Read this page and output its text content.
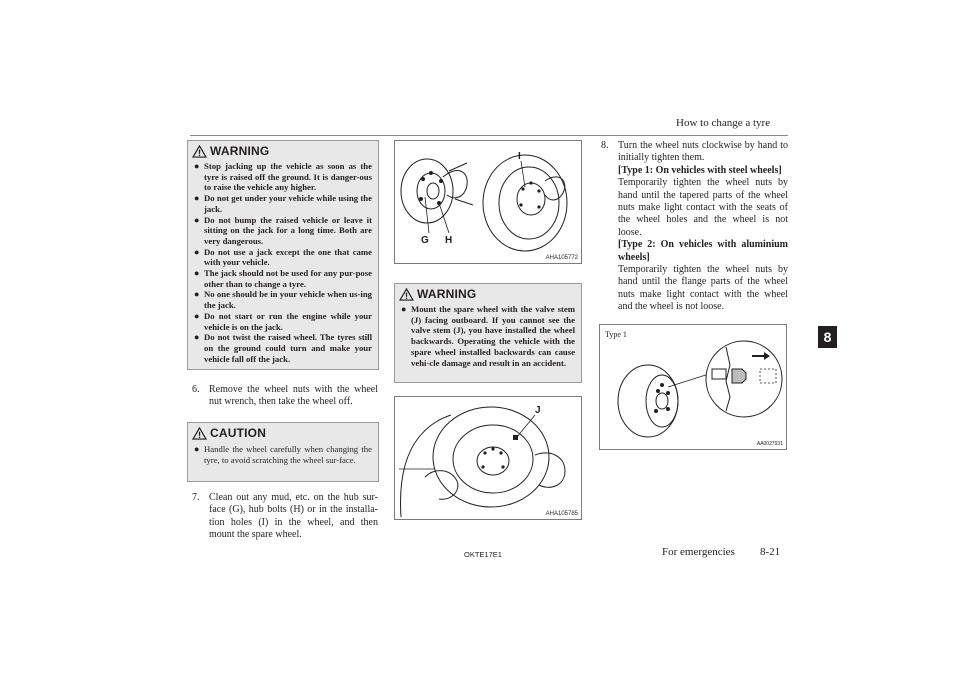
How to change a tyre
8
WARNING
● Stop jacking up the vehicle as soon as the tyre is raised off the ground. It is danger-ous to raise the vehicle any higher.
● Do not get under your vehicle while using the jack.
● Do not bump the raised vehicle or leave it sitting on the jack for a long time. Both are very dangerous.
● Do not use a jack except the one that came with your vehicle.
● The jack should not be used for any pur-pose other than to change a tyre.
● No one should be in your vehicle when us-ing the jack.
● Do not start or run the engine while your vehicle is on the jack.
● Do not twist the raised wheel. The tyres still on the ground could turn and make your vehicle fall off the jack.
6. Remove the wheel nuts with the wheel nut wrench, then take the wheel off.
CAUTION
● Handle the wheel carefully when changing the tyre, to avoid scratching the wheel sur-face.
7. Clean out any mud, etc. on the hub sur-face (G), hub bolts (H) or in the installa-tion holes (I) in the wheel, and then mount the spare wheel.
G H
I
AHA105772
WARNING
● Mount the spare wheel with the valve stem (J) facing outboard. If you cannot see the valve stem (J), you have installed the wheel backwards. Operating the vehicle with the spare wheel installed backwards can cause vehi-cle damage and result in an accident.
J
AHA105785
8. Turn the wheel nuts clockwise by hand to initially tighten them.
[Type 1: On vehicles with steel wheels]
Temporarily tighten the wheel nuts by hand until the tapered parts of the wheel nuts make light contact with the seats of the wheel holes and the wheel is not loose.
[Type 2: On vehicles with aluminium wheels]
Temporarily tighten the wheel nuts by hand until the flange parts of the wheel nuts make light contact with the wheel and the wheel is not loose.
Type 1
AA0027931
OKTE17E1	For emergencies 8-21
